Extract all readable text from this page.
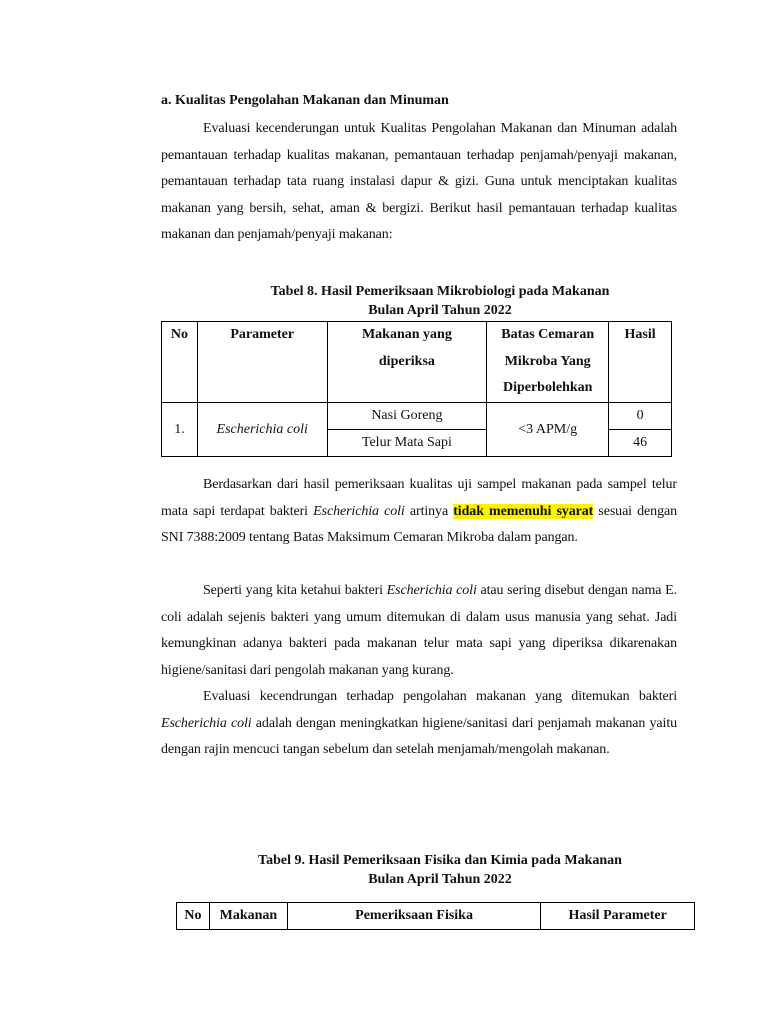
a. Kualitas Pengolahan Makanan dan Minuman

Evaluasi kecenderungan untuk Kualitas Pengolahan Makanan dan Minuman adalah pemantauan terhadap kualitas makanan, pemantauan terhadap penjamah/penyaji makanan, pemantauan terhadap tata ruang instalasi dapur & gizi. Guna untuk menciptakan kualitas makanan yang bersih, sehat, aman & bergizi. Berikut hasil pemantauan terhadap kualitas makanan dan penjamah/penyaji makanan:

Tabel 8. Hasil Pemeriksaan Mikrobiologi pada Makanan
Bulan April Tahun 2022
No	Parameter	Makanan yang diperiksa	Batas Cemaran Mikroba Yang Diperbolehkan	Hasil
1.	Escherichia coli	Nasi Goreng	<3 APM/g	0
		Telur Mata Sapi		46

Berdasarkan dari hasil pemeriksaan kualitas uji sampel makanan pada sampel telur mata sapi terdapat bakteri Escherichia coli artinya tidak memenuhi syarat sesuai dengan SNI 7388:2009 tentang Batas Maksimum Cemaran Mikroba dalam pangan.

Seperti yang kita ketahui bakteri Escherichia coli atau sering disebut dengan nama E. coli adalah sejenis bakteri yang umum ditemukan di dalam usus manusia yang sehat. Jadi kemungkinan adanya bakteri pada makanan telur mata sapi yang diperiksa dikarenakan higiene/sanitasi dari pengolah makanan yang kurang.

Evaluasi kecendrungan terhadap pengolahan makanan yang ditemukan bakteri Escherichia coli adalah dengan meningkatkan higiene/sanitasi dari penjamah makanan yaitu dengan rajin mencuci tangan sebelum dan setelah menjamah/mengolah makanan.

Tabel 9. Hasil Pemeriksaan Fisika dan Kimia pada Makanan
Bulan April Tahun 2022
No	Makanan	Pemeriksaan Fisika	Hasil Parameter
